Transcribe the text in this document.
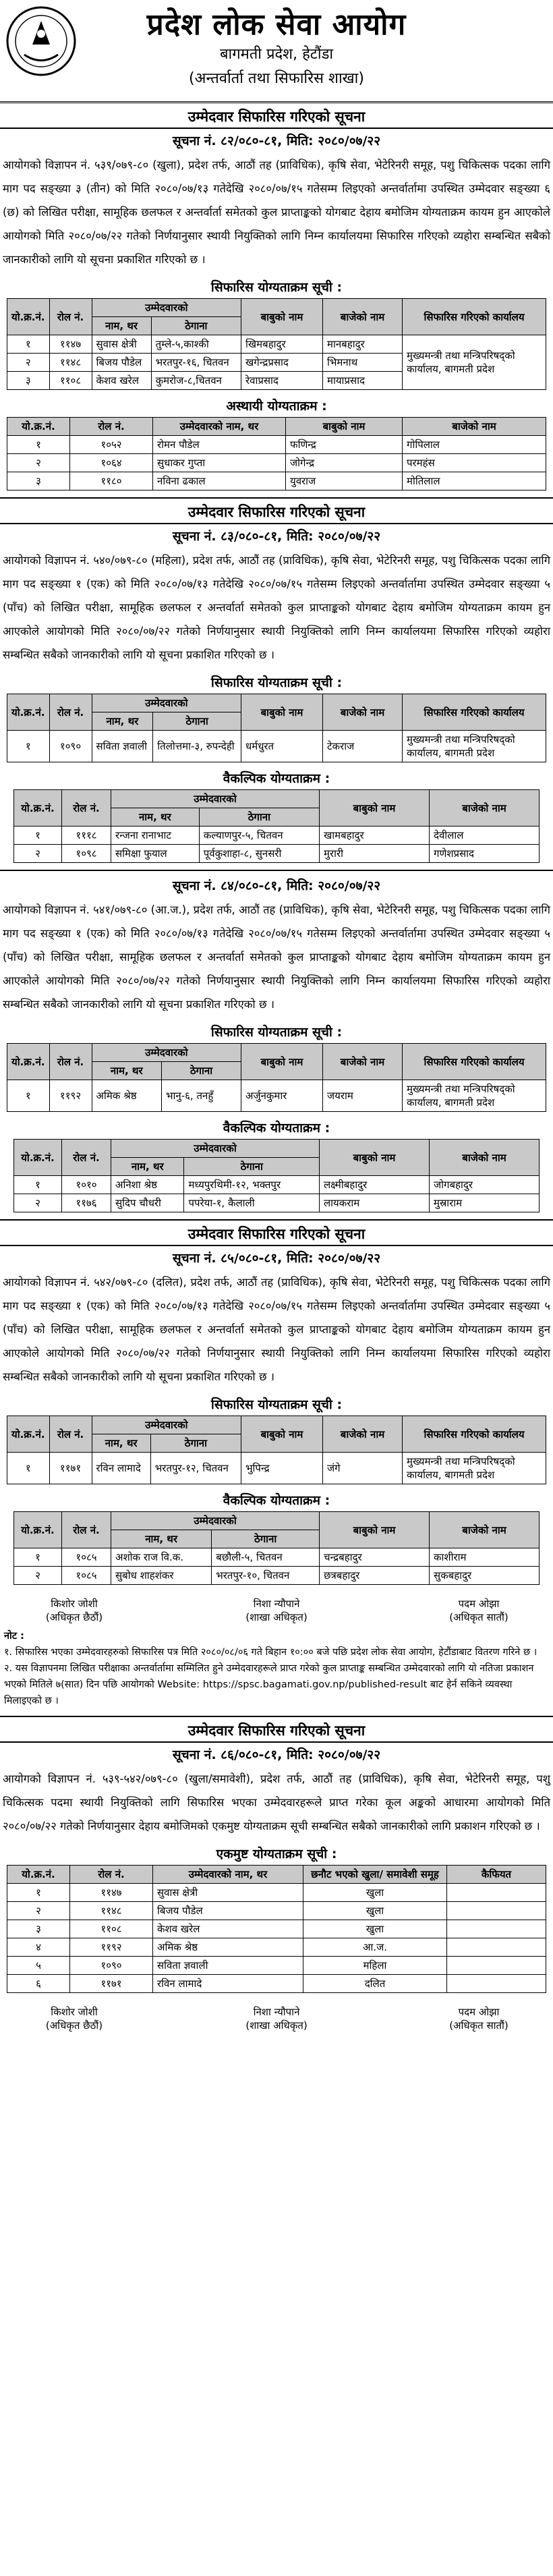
प्रदेश लोक सेवा आयोग
बागमती प्रदेश, हेटौंडा
(अन्तर्वार्ता तथा सिफारिस शाखा)
उम्मेदवार सिफारिस गरिएको सूचना
सूचना नं. ८२/०८०-८१, मिति: २०८०/०७/२२

आयोगको विज्ञापन नं. ५३९/०७९-८० (खुला), प्रदेश तर्फ, आठौं तह (प्राविधिक), कृषि सेवा, भेटेरिनरी समूह, पशु चिकित्सक पदका लागि माग पद सङ्ख्या ३ (तीन) को मिति २०८०/०७/१३ गतेदेखि २०८०/०७/१५ गतेसम्म लिइएको अन्तर्वार्तामा उपस्थित उम्मेदवार सङ्ख्या ६ (छ) को लिखित परीक्षा, सामूहिक छलफल र अन्तर्वार्ता समेतको कुल प्राप्ताङ्कको योगबाट देहाय बमोजिम योग्यताक्रम कायम हुन आएकोले आयोगको मिति २०८०/०७/२२ गतेको निर्णयानुसार स्थायी नियुक्तिको लागि निम्न कार्यालयमा सिफारिस गरिएको व्यहोरा सम्बन्धित सबैको जानकारीको लागि यो सूचना प्रकाशित गरिएको छ ।

सिफारिस योग्यताक्रम सूची :
यो.क्र.नं.	रोल नं.	उम्मेदवारको		बाबुको नाम	बाजेको नाम	सिफारिस गरिएको कार्यालय
		नाम, थर	ठेगाना			
१	११४७	सुवास क्षेत्री	तुम्ले-५,काश्की	खिमबहादुर	मानबहादुर	मुख्यमन्त्री तथा मन्त्रिपरिषद्को कार्यालय, बागमती प्रदेश
२	११४८	बिजय पौडेल	भरतपुर-१६, चितवन	खगेन्द्रप्रसाद	भिमनाथ	
३	११०८	केशव खरेल	कुमरोज-८,चितवन	रेवाप्रसाद	मायाप्रसाद	
अस्थायी योग्यताक्रम :
यो.क्र.नं.	रोल नं.	उम्मेदवारको नाम, थर	बाबुको नाम	बाजेको नाम
१	१०५२	रोमन पौडेल	फणिन्द्र	गोपिलाल
२	१०६४	सुधाकर गुप्ता	जोगेन्द्र	परमहंस
३	११८०	नविना ढकाल	युवराज	मोतिलाल
उम्मेदवार सिफारिस गरिएको सूचना
सूचना नं. ८३/०८०-८१, मिति: २०८०/०७/२२

आयोगको विज्ञापन नं. ५४०/०७९-८० (महिला), प्रदेश तर्फ, आठौं तह (प्राविधिक), कृषि सेवा, भेटेरिनरी समूह, पशु चिकित्सक पदका लागि माग पद सङ्ख्या १ (एक) को मिति २०८०/०७/१३ गतेदेखि २०८०/०७/१५ गतेसम्म लिइएको अन्तर्वार्तामा उपस्थित उम्मेदवार सङ्ख्या ५ (पाँच) को लिखित परीक्षा, सामूहिक छलफल र अन्तर्वार्ता समेतको कुल प्राप्ताङ्कको योगबाट देहाय बमोजिम योग्यताक्रम कायम हुन आएकोले आयोगको मिति २०८०/०७/२२ गतेको निर्णयानुसार स्थायी नियुक्तिको लागि निम्न कार्यालयमा सिफारिस गरिएको व्यहोरा सम्बन्धित सबैको जानकारीको लागि यो सूचना प्रकाशित गरिएको छ ।

सिफारिस योग्यताक्रम सूची :
यो.क्र.नं.	रोल नं.	उम्मेदवारको		बाबुको नाम	बाजेको नाम	सिफारिस गरिएको कार्यालय
		नाम, थर	ठेगाना			
१	१०९०	सविता ज्ञवाली	तिलोत्तमा-३, रुपन्देही	धर्मधुरत	टेकराज	मुख्यमन्त्री तथा मन्त्रिपरिषद्को कार्यालय, बागमती प्रदेश
वैकल्पिक योग्यताक्रम :
यो.क्र.नं.	रोल नं.	उम्मेदवारको		बाबुको नाम	बाजेको नाम
		नाम, थर	ठेगाना		
१	१११८	रन्जना रानाभाट	कल्याणपुर-५, चितवन	खामबहादुर	देवीलाल
२	१०९८	समिक्षा फुयाल	पूर्वकुशाहा-८, सुनसरी	मुरारी	गणेशप्रसाद
सूचना नं. ८४/०८०-८१, मिति: २०८०/०७/२२

आयोगको विज्ञापन नं. ५४१/०७९-८० (आ.ज.), प्रदेश तर्फ, आठौं तह (प्राविधिक), कृषि सेवा, भेटेरिनरी समूह, पशु चिकित्सक पदका लागि माग पद सङ्ख्या १ (एक) को मिति २०८०/०७/१३ गतेदेखि २०८०/०७/१५ गतेसम्म लिइएको अन्तर्वार्तामा उपस्थित उम्मेदवार सङ्ख्या ५ (पाँच) को लिखित परीक्षा, सामूहिक छलफल र अन्तर्वार्ता समेतको कुल प्राप्ताङ्कको योगबाट देहाय बमोजिम योग्यताक्रम कायम हुन आएकोले आयोगको मिति २०८०/०७/२२ गतेको निर्णयानुसार स्थायी नियुक्तिको लागि निम्न कार्यालयमा सिफारिस गरिएको व्यहोरा सम्बन्धित सबैको जानकारीको लागि यो सूचना प्रकाशित गरिएको छ ।

सिफारिस योग्यताक्रम सूची :
यो.क्र.नं.	रोल नं.	उम्मेदवारको		बाबुको नाम	बाजेको नाम	सिफारिस गरिएको कार्यालय
		नाम, थर	ठेगाना			
१	११९२	अमिक श्रेष्ठ	भानु-६, तनहुँ	अर्जुनकुमार	जयराम	मुख्यमन्त्री तथा मन्त्रिपरिषद्को कार्यालय, बागमती प्रदेश
वैकल्पिक योग्यताक्रम :
यो.क्र.नं.	रोल नं.	उम्मेदवारको		बाबुको नाम	बाजेको नाम
		नाम, थर	ठेगाना		
१	१०१०	अनिशा श्रेष्ठ	मध्यपुरथिमी-१२, भक्तपुर	लक्ष्मीबहादुर	जोगबहादुर
२	११७६	सुदिप चौधरी	पपरेया-१, कैलाली	लायकराम	मुस्राराम
उम्मेदवार सिफारिस गरिएको सूचना
सूचना नं. ८५/०८०-८१, मिति: २०८०/०७/२२

आयोगको विज्ञापन नं. ५४२/०७९-८० (दलित), प्रदेश तर्फ, आठौं तह (प्राविधिक), कृषि सेवा, भेटेरिनरी समूह, पशु चिकित्सक पदका लागि माग पद सङ्ख्या १ (एक) को मिति २०८०/०७/१३ गतेदेखि २०८०/०७/१५ गतेसम्म लिइएको अन्तर्वार्तामा उपस्थित उम्मेदवार सङ्ख्या ५ (पाँच) को लिखित परीक्षा, सामूहिक छलफल र अन्तर्वार्ता समेतको कुल प्राप्ताङ्कको योगबाट देहाय बमोजिम योग्यताक्रम कायम हुन आएकोले आयोगको मिति २०८०/०७/२२ गतेको निर्णयानुसार स्थायी नियुक्तिको लागि निम्न कार्यालयमा सिफारिस गरिएको व्यहोरा सम्बन्धित सबैको जानकारीको लागि यो सूचना प्रकाशित गरिएको छ ।

सिफारिस योग्यताक्रम सूची :
यो.क्र.नं.	रोल नं.	उम्मेदवारको		बाबुको नाम	बाजेको नाम	सिफारिस गरिएको कार्यालय
		नाम, थर	ठेगाना			
१	११७१	रविन लामादे	भरतपुर-१२, चितवन	भुपिन्द्र	जंगे	मुख्यमन्त्री तथा मन्त्रिपरिषद्को कार्यालय, बागमती प्रदेश
वैकल्पिक योग्यताक्रम :
यो.क्र.नं.	रोल नं.	उम्मेदवारको		बाबुको नाम	बाजेको नाम
		नाम, थर	ठेगाना		
१	१०८५	अशोक राज वि.क.	बछौली-५, चितवन	चन्द्रबहादुर	काशीराम
२	१०८५	सुबोध शाहशंकर	भरतपुर-१०, चितवन	छत्रबहादुर	सुकबहादुर
किशोर जोशी
(अधिकृत छैठौं)
निशा न्यौपाने
(शाखा अधिकृत)
पदम ओझा
(अधिकृत सातौं)
नोट :
१. सिफारिस भएका उम्मेदवारहरुको सिफारिस पत्र मिति २०८०/०८/०६ गते बिहान १०:०० बजे पछि प्रदेश लोक सेवा आयोग, हेटौंडाबाट वितरण गरिने छ ।
२. यस विज्ञापनमा लिखित परीक्षाका अन्तर्वार्तामा सम्मिलित हुने उम्मेदवारहरूले प्राप्त गरेको कुल प्राप्ताङ्क सम्बन्धित उम्मेदवारको लागि यो नतिजा प्रकाशन भएको मितिले ७(सात) दिन पछि आयोगको Website: https://spsc.bagamati.gov.np/published-result बाट हेर्न सकिने व्यवस्था मिलाइएको छ ।
उम्मेदवार सिफारिस गरिएको सूचना
सूचना नं. ८६/०८०-८१, मिति: २०८०/०७/२२

आयोगको विज्ञापन नं. ५३९-५४२/०७९-८० (खुला/समावेशी), प्रदेश तर्फ, आठौं तह (प्राविधिक), कृषि सेवा, भेटेरिनरी समूह, पशु चिकित्सक पदमा स्थायी नियुक्तिको लागि सिफारिस भएका उम्मेदवारहरूले प्राप्त गरेका कूल अङ्कको आधारमा आयोगको मिति २०८०/०७/२२ गतेको निर्णयानुसार देहाय बमोजिमको एकमुष्ट योग्यताक्रम सूची सम्बन्धित सबैको जानकारीको लागि प्रकाशन गरिएको छ ।

एकमुष्ट योग्यताक्रम सूची :
यो.क्र.नं.	रोल नं.	उम्मेदवारको नाम, थर	छनौट भएको खुला/ समावेशी समूह	कैफियत
१	११४७	सुवास क्षेत्री	खुला	
२	११४८	बिजय पौडेल	खुला	
३	११०८	केशव खरेल	खुला	
४	११९२	अमिक श्रेष्ठ	आ.ज.	
५	१०९०	सविता ज्ञवाली	महिला	
६	११७१	रविन लामादे	दलित	
किशोर जोशी
(अधिकृत छैठौं)
निशा न्यौपाने
(शाखा अधिकृत)
पदम ओझा
(अधिकृत सातौं)
